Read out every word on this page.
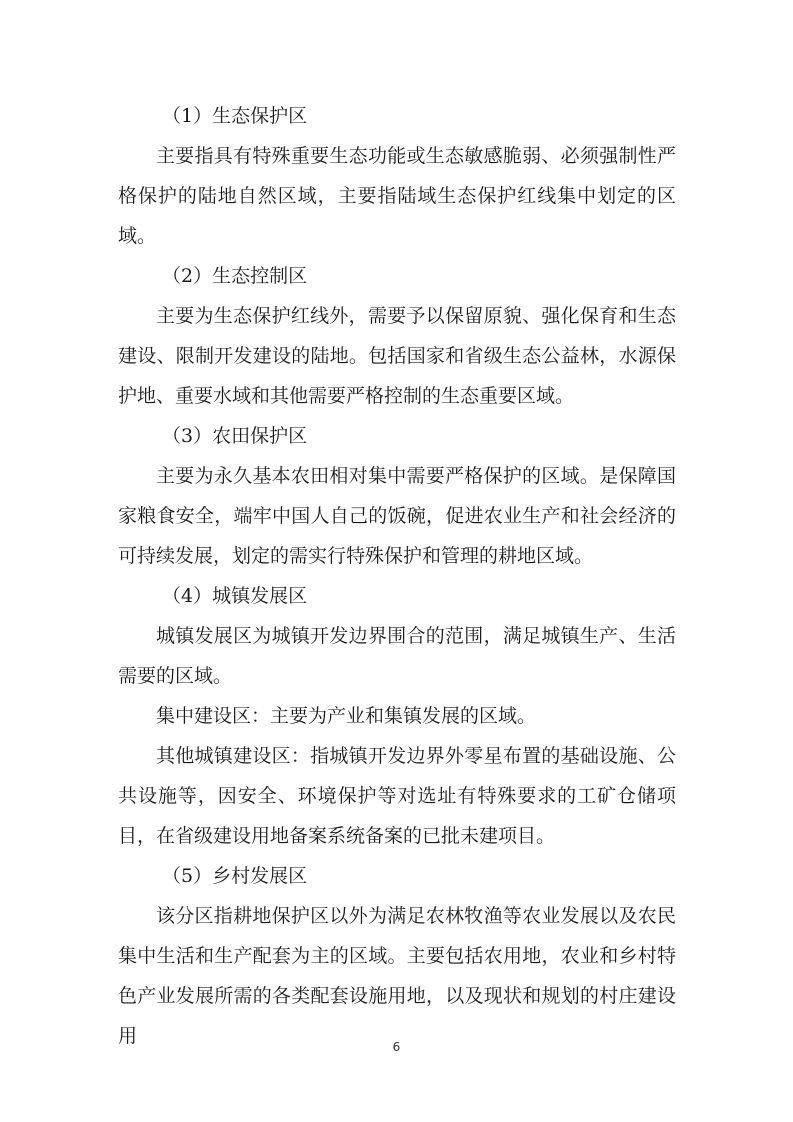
（1）生态保护区

主要指具有特殊重要生态功能或生态敏感脆弱、必须强制性严格保护的陆地自然区域，主要指陆域生态保护红线集中划定的区域。

（2）生态控制区

主要为生态保护红线外，需要予以保留原貌、强化保育和生态建设、限制开发建设的陆地。包括国家和省级生态公益林，水源保护地、重要水域和其他需要严格控制的生态重要区域。

（3）农田保护区

主要为永久基本农田相对集中需要严格保护的区域。是保障国家粮食安全，端牢中国人自己的饭碗，促进农业生产和社会经济的可持续发展，划定的需实行特殊保护和管理的耕地区域。

（4）城镇发展区

城镇发展区为城镇开发边界围合的范围，满足城镇生产、生活需要的区域。

集中建设区：主要为产业和集镇发展的区域。

其他城镇建设区：指城镇开发边界外零星布置的基础设施、公共设施等，因安全、环境保护等对选址有特殊要求的工矿仓储项目，在省级建设用地备案系统备案的已批未建项目。

（5）乡村发展区

该分区指耕地保护区以外为满足农林牧渔等农业发展以及农民集中生活和生产配套为主的区域。主要包括农用地，农业和乡村特色产业发展所需的各类配套设施用地，以及现状和规划的村庄建设用	6
